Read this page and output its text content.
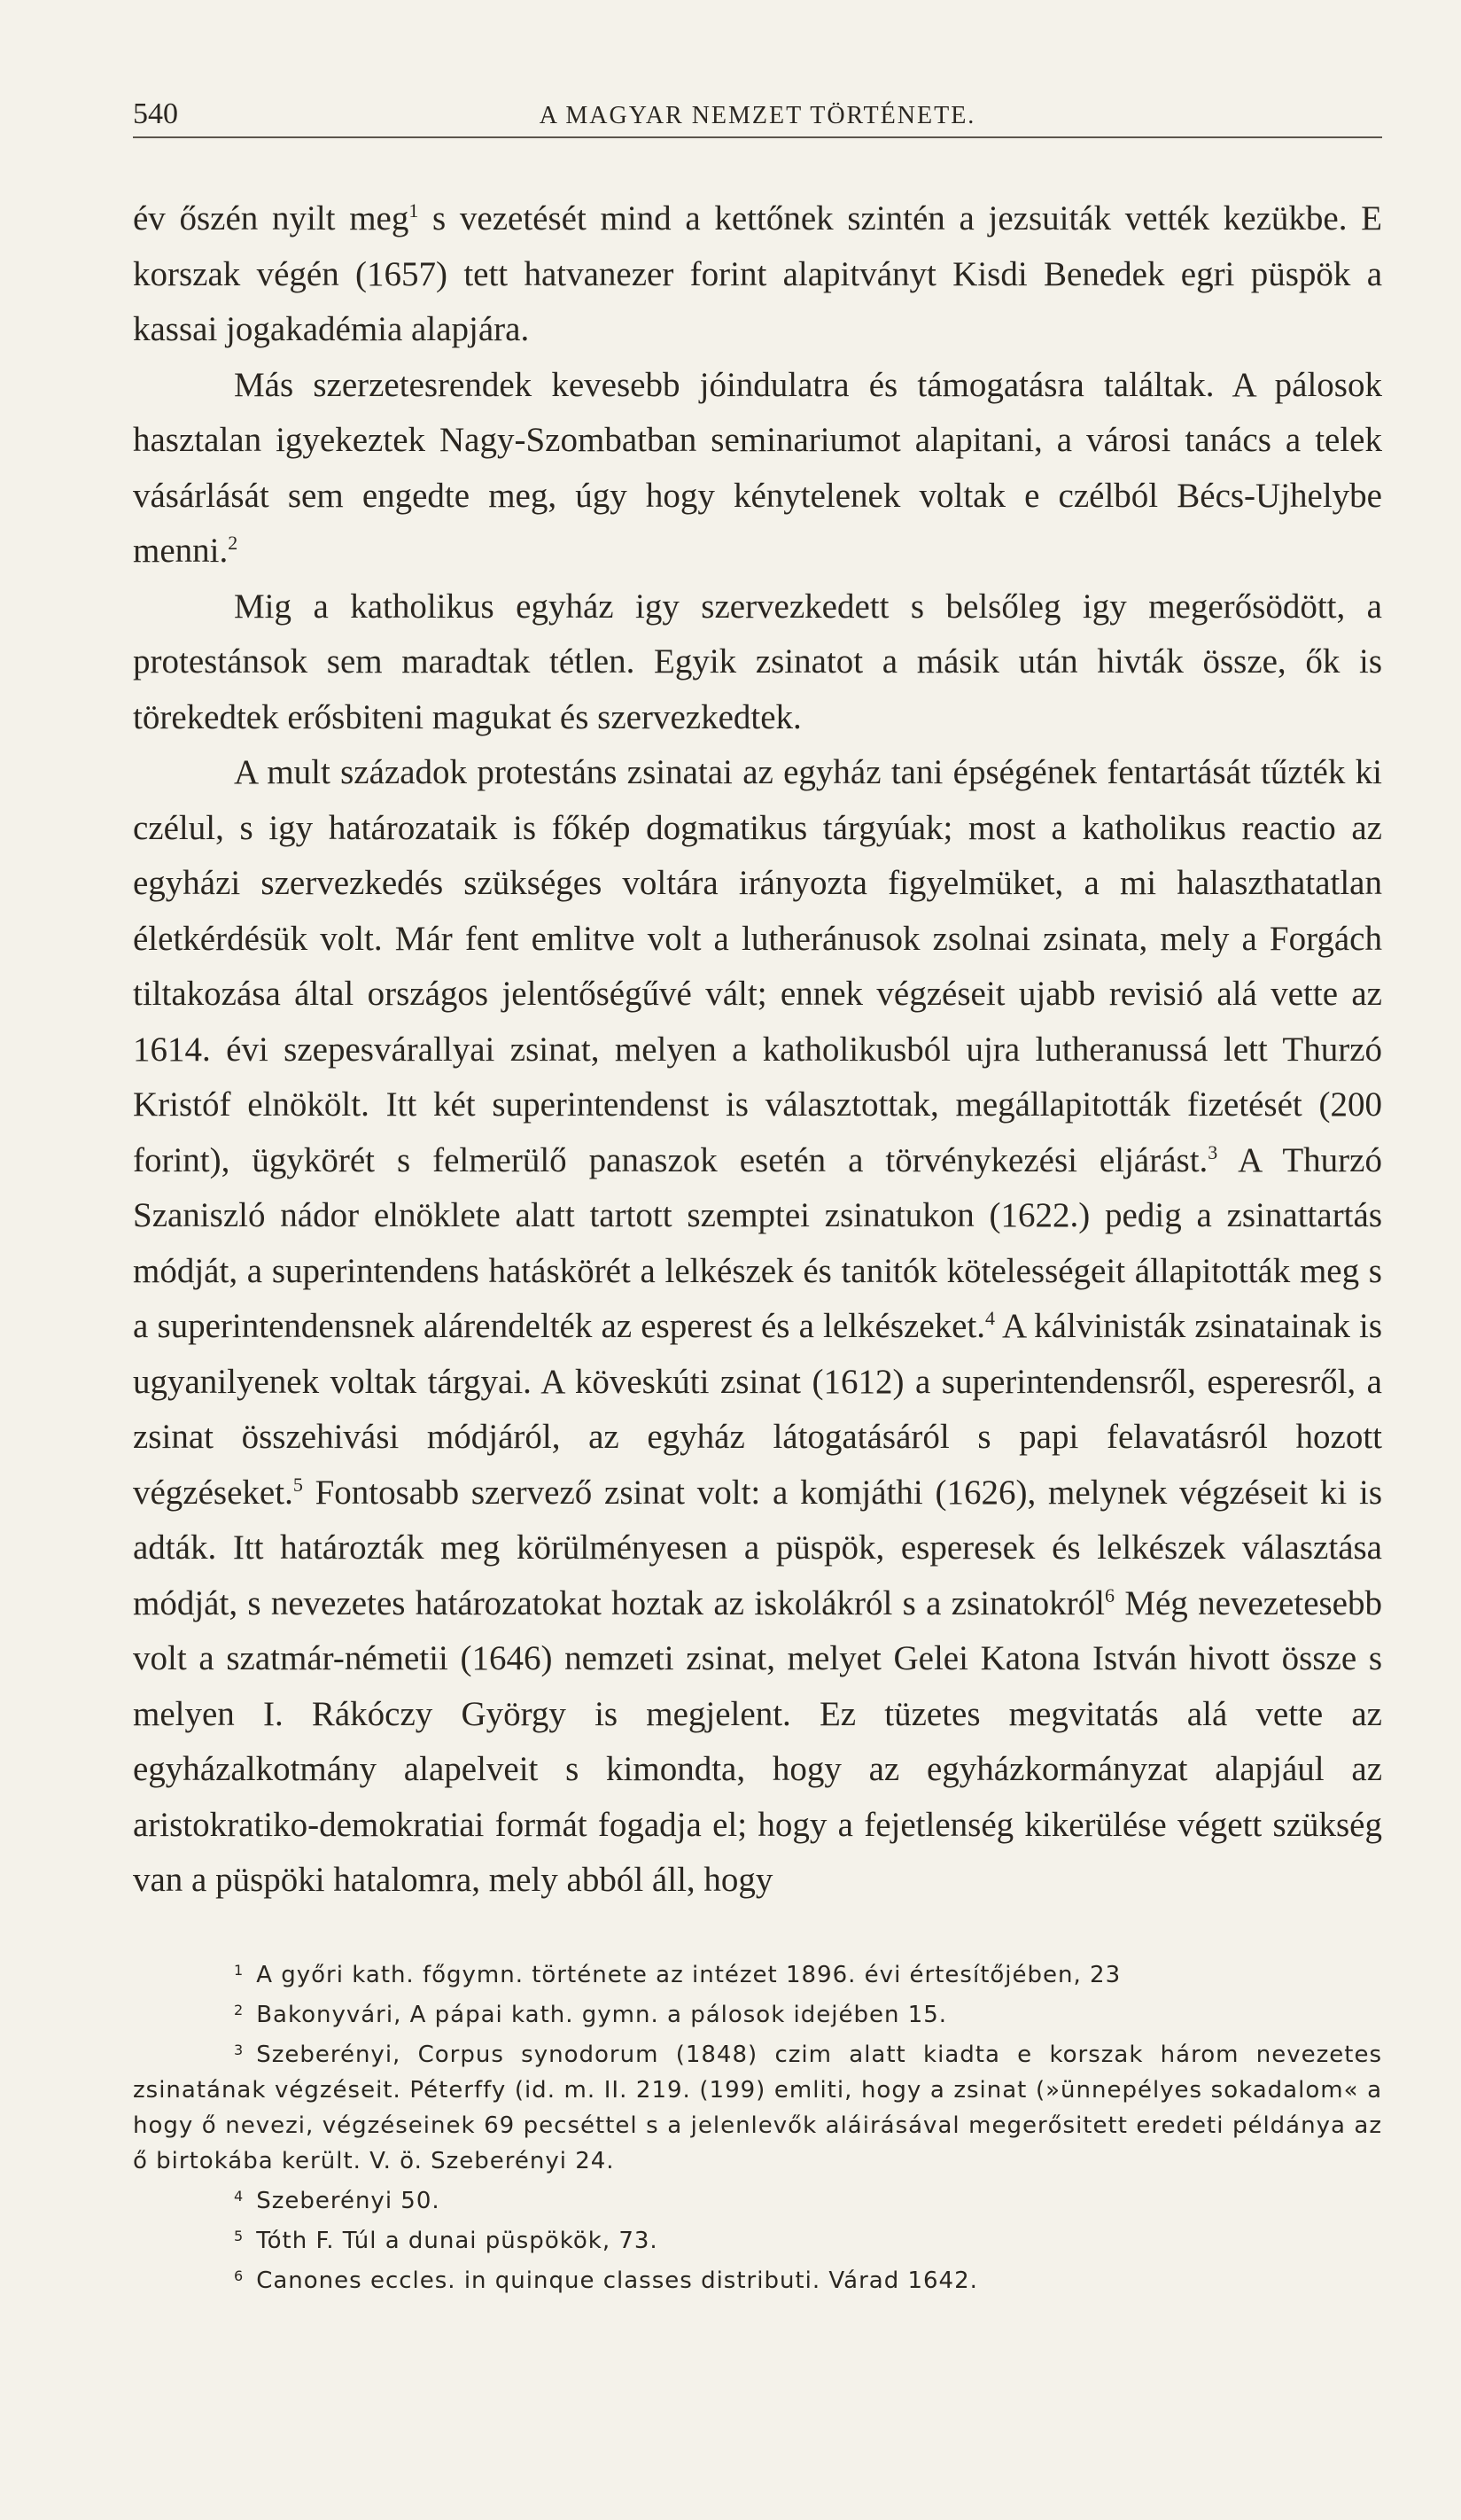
540	A MAGYAR NEMZET TÖRTÉNETE.

év őszén nyilt meg$^1$ s vezetését mind a kettőnek szintén a jezsuiták vették kezükbe. E korszak végén (1657) tett hatvanezer forint alapitványt Kisdi Benedek egri püspök a kassai jogakadémia alapjára.

Más szerzetesrendek kevesebb jóindulatra és támogatásra találtak. A pálosok hasztalan igyekeztek Nagy-Szombatban seminariumot alapitani, a városi tanács a telek vásárlását sem engedte meg, úgy hogy kénytelenek voltak e czélból Bécs-Ujhelybe menni.$^2$

Mig a katholikus egyház igy szervezkedett s belsőleg igy megerősödött, a protestánsok sem maradtak tétlen. Egyik zsinatot a másik után hivták össze, ők is törekedtek erősbiteni magukat és szervezkedtek.

A mult századok protestáns zsinatai az egyház tani épségének fentartását tűzték ki czélul, s igy határozataik is főkép dogmatikus tárgyúak; most a katholikus reactio az egyházi szervezkedés szükséges voltára irányozta figyelmüket, a mi halaszthatatlan életkérdésük volt. Már fent emlitve volt a lutheránusok zsolnai zsinata, mely a Forgách tiltakozása által országos jelentőségűvé vált; ennek végzéseit ujabb revisió alá vette az 1614. évi szepesvárallyai zsinat, melyen a katholikusból ujra lutheranussá lett Thurzó Kristóf elnökölt. Itt két superintendenst is választottak, megállapitották fizetését (200 forint), ügykörét s felmerülő panaszok esetén a törvénykezési eljárást.$^3$ A Thurzó Szaniszló nádor elnöklete alatt tartott szemptei zsinatukon (1622.) pedig a zsinattartás módját, a superintendens hatáskörét a lelkészek és tanitók kötelességeit állapitották meg s a superintendensnek alárendelték az esperest és a lelkészeket.$^4$ A kálvinisták zsinatainak is ugyanilyenek voltak tárgyai. A köveskúti zsinat (1612) a superintendensről, esperesről, a zsinat összehivási módjáról, az egyház látogatásáról s papi felavatásról hozott végzéseket.$^5$ Fontosabb szervező zsinat volt: a komjáthi (1626), melynek végzéseit ki is adták. Itt határozták meg körülményesen a püspök, esperesek és lelkészek választása módját, s nevezetes határozatokat hoztak az iskolákról s a zsinatokról$^6$ Még nevezetesebb volt a szatmár-németii (1646) nemzeti zsinat, melyet Gelei Katona István hivott össze s melyen I. Rákóczy György is megjelent. Ez tüzetes megvitatás alá vette az egyházalkotmány alapelveit s kimondta, hogy az egyházkormányzat alapjául az aristokratiko-demokratiai formát fogadja el; hogy a fejetlenség kikerülése végett szükség van a püspöki hatalomra, mely abból áll, hogy

$^1$ A győri kath. főgymn. története az intézet 1896. évi értesítőjében, 23

$^2$ Bakonyvári, A pápai kath. gymn. a pálosok idejében 15.

$^3$ Szeberényi, Corpus synodorum (1848) czim alatt kiadta e korszak három nevezetes zsinatának végzéseit. Péterffy (id. m. II. 219. (199) emliti, hogy a zsinat (»ünnepélyes sokadalom« a hogy ő nevezi, végzéseinek 69 pecséttel s a jelenlevők aláirásával megerősitett eredeti példánya az ő birtokába került. V. ö. Szeberényi 24.

$^4$ Szeberényi 50.

$^5$ Tóth F. Túl a dunai püspökök, 73.

$^6$ Canones eccles. in quinque classes distributi. Várad 1642.
